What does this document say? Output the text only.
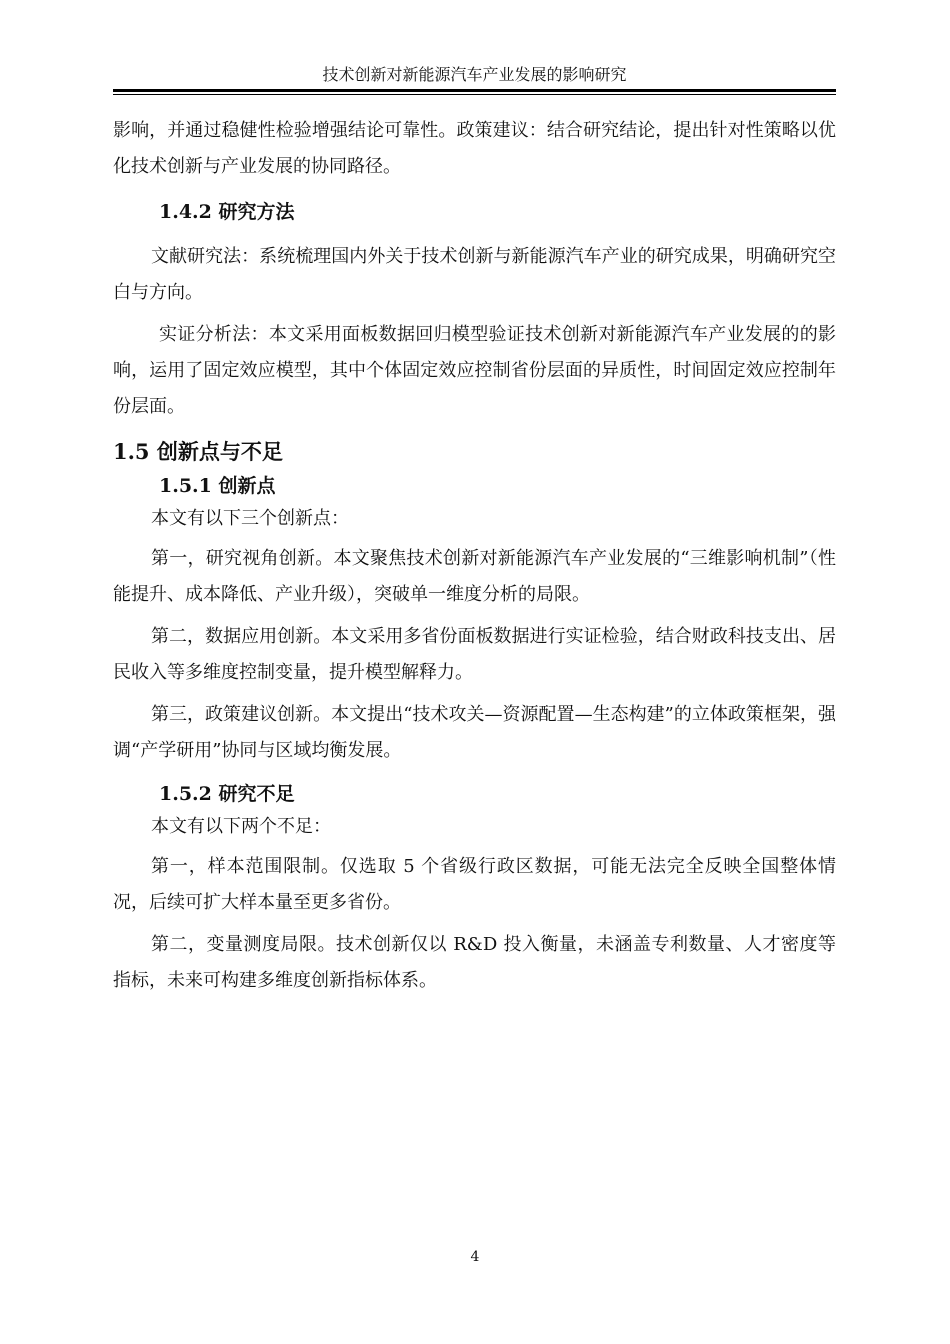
技术创新对新能源汽车产业发展的影响研究

影响，并通过稳健性检验增强结论可靠性。政策建议：结合研究结论，提出针对性策略以优化技术创新与产业发展的协同路径。

1.4.2 研究方法

文献研究法：系统梳理国内外关于技术创新与新能源汽车产业的研究成果，明确研究空白与方向。

实证分析法：本文采用面板数据回归模型验证技术创新对新能源汽车产业发展的的影响，运用了固定效应模型，其中个体固定效应控制省份层面的异质性，时间固定效应控制年份层面。

1.5 创新点与不足
1.5.1 创新点

本文有以下三个创新点：

第一，研究视角创新。本文聚焦技术创新对新能源汽车产业发展的“三维影响机制”（性能提升、成本降低、产业升级），突破单一维度分析的局限。

第二，数据应用创新。本文采用多省份面板数据进行实证检验，结合财政科技支出、居民收入等多维度控制变量，提升模型解释力。

第三，政策建议创新。本文提出“技术攻关—资源配置—生态构建”的立体政策框架，强调“产学研用”协同与区域均衡发展。

1.5.2 研究不足

本文有以下两个不足：

第一，样本范围限制。仅选取 5 个省级行政区数据，可能无法完全反映全国整体情况，后续可扩大样本量至更多省份。

第二，变量测度局限。技术创新仅以 R&D 投入衡量，未涵盖专利数量、人才密度等指标，未来可构建多维度创新指标体系。

4
